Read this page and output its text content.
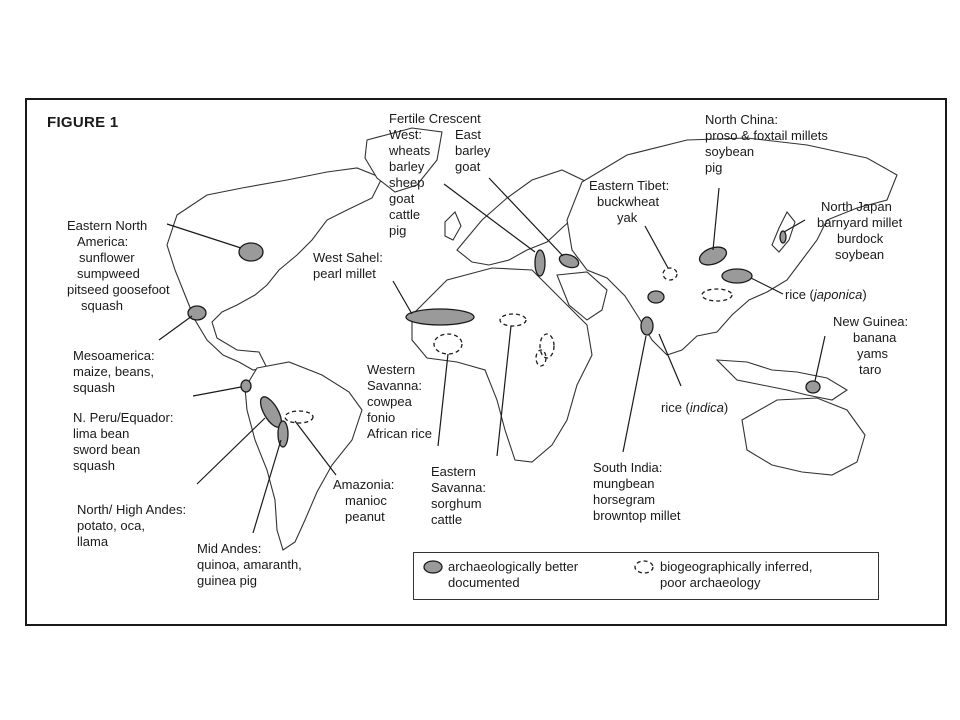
FIGURE 1
Eastern North
America:
sunflower
sumpweed
pitseed goosefoot
squash
Mesoamerica:
maize, beans,
squash
N. Peru/Equador:
lima bean
sword bean
squash
North/ High Andes:
potato, oca,
llama	Mid Andes:
quinoa, amaranth,
guinea pig
Amazonia:
manioc
peanut
Fertile Crescent
West:
wheats
barley
sheep
goat
cattle
pig
East
barley
goat
West Sahel:
pearl millet
Western
Savanna:
cowpea
fonio
African rice
Eastern
Savanna:
sorghum
cattle
Eastern Tibet:
buckwheat
yak
North China:
proso & foxtail millets
soybean
pig
North Japan
barnyard millet
burdock
soybean
rice (japonica)
rice (indica)
New Guinea:
banana
yams
taro
South India:
mungbean
horsegram
browntop millet
archaeologically better
documented
biogeographically inferred,
poor archaeology
